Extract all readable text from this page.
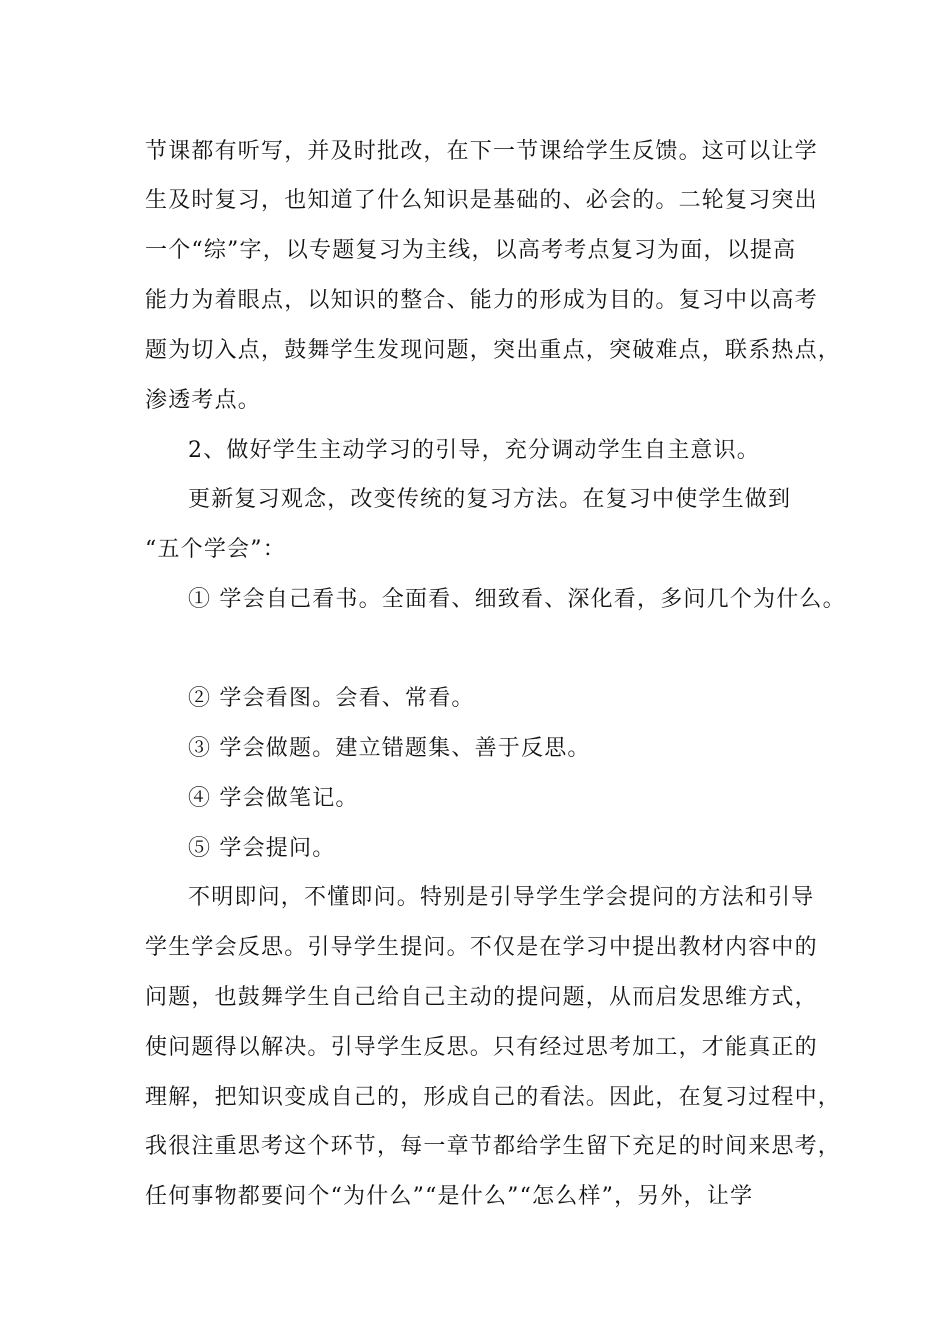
节课都有听写，并及时批改，在下一节课给学生反馈。这可以让学
生及时复习，也知道了什么知识是基础的、必会的。二轮复习突出
一个“综”字，以专题复习为主线，以高考考点复习为面，以提高
能力为着眼点，以知识的整合、能力的形成为目的。复习中以高考
题为切入点，鼓舞学生发现问题，突出重点，突破难点，联系热点，
渗透考点。
2、做好学生主动学习的引导，充分调动学生自主意识。
更新复习观念，改变传统的复习方法。在复习中使学生做到
“五个学会”：
① 学会自己看书。全面看、细致看、深化看，多问几个为什么。
② 学会看图。会看、常看。
③ 学会做题。建立错题集、善于反思。
④ 学会做笔记。
⑤ 学会提问。
不明即问，不懂即问。特别是引导学生学会提问的方法和引导
学生学会反思。引导学生提问。不仅是在学习中提出教材内容中的
问题，也鼓舞学生自己给自己主动的提问题，从而启发思维方式，
使问题得以解决。引导学生反思。只有经过思考加工，才能真正的
理解，把知识变成自己的，形成自己的看法。因此，在复习过程中，
我很注重思考这个环节，每一章节都给学生留下充足的时间来思考，
任何事物都要问个“为什么”“是什么”“怎么样”，另外，让学
